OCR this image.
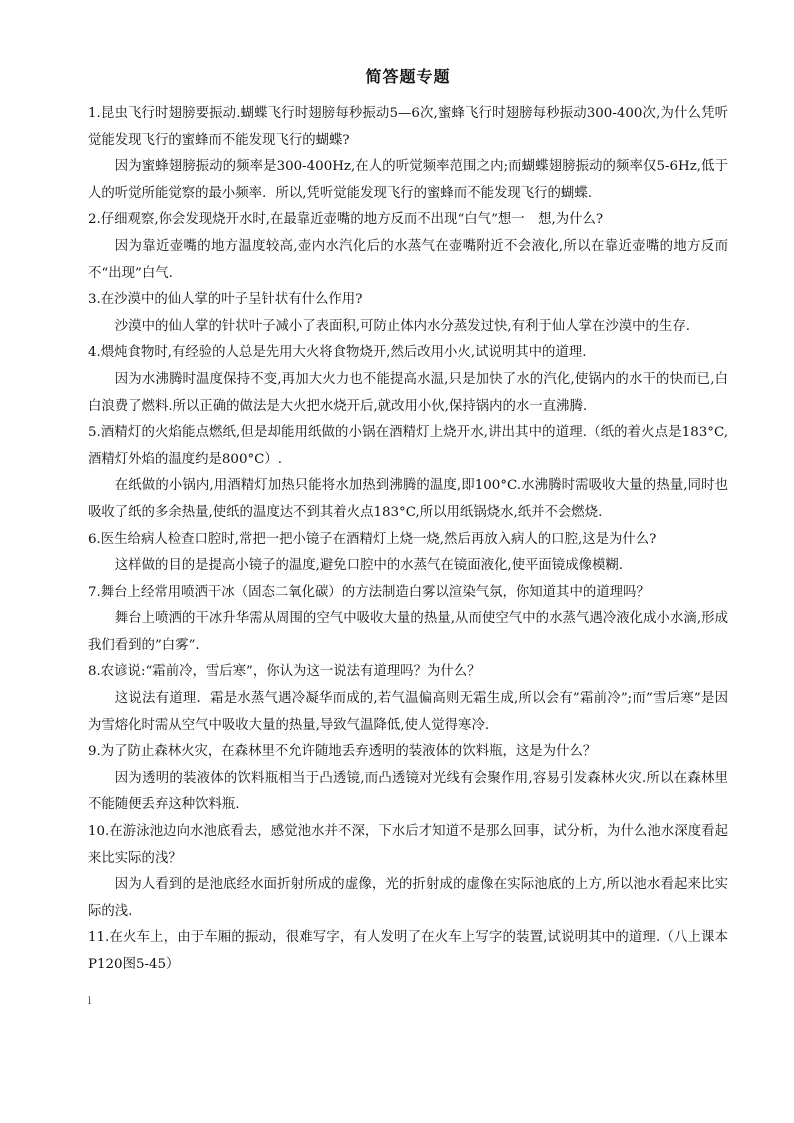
简答题专题

1.昆虫飞行时翅膀要振动.蝴蝶飞行时翅膀每秒振动5—6次,蜜蜂飞行时翅膀每秒振动300-400次,为什么凭听觉能发现飞行的蜜蜂而不能发现飞行的蝴蝶?

因为蜜蜂翅膀振动的频率是300-400Hz,在人的听觉频率范围之内;而蝴蝶翅膀振动的频率仅5-6Hz,低于人的听觉所能觉察的最小频率．所以,凭听觉能发现飞行的蜜蜂而不能发现飞行的蝴蝶.

2.仔细观察,你会发现烧开水时,在最靠近壶嘴的地方反而不出现“白气”想一　想,为什么?

因为靠近壶嘴的地方温度较高,壶内水汽化后的水蒸气在壶嘴附近不会液化,所以在靠近壶嘴的地方反而不“出现”白气.

3.在沙漠中的仙人掌的叶子呈针状有什么作用?

沙漠中的仙人掌的针状叶子减小了表面积,可防止体内水分蒸发过快,有利于仙人掌在沙漠中的生存.

4.煨炖食物时,有经验的人总是先用大火将食物烧开,然后改用小火,试说明其中的道理.

因为水沸腾时温度保持不变,再加大火力也不能提高水温,只是加快了水的汽化,使锅内的水干的快而已,白白浪费了燃料.所以正确的做法是大火把水烧开后,就改用小伙,保持锅内的水一直沸腾.

5.酒精灯的火焰能点燃纸,但是却能用纸做的小锅在酒精灯上烧开水,讲出其中的道理.（纸的着火点是183°C,酒精灯外焰的温度约是800°C）.

在纸做的小锅内,用酒精灯加热只能将水加热到沸腾的温度,即100°C.水沸腾时需吸收大量的热量,同时也吸收了纸的多余热量,使纸的温度达不到其着火点183°C,所以用纸锅烧水,纸并不会燃烧.

6.医生给病人检查口腔时,常把一把小镜子在酒精灯上烧一烧,然后再放入病人的口腔,这是为什么?

这样做的目的是提高小镜子的温度,避免口腔中的水蒸气在镜面液化,使平面镜成像模糊.

7.舞台上经常用喷洒干冰（固态二氧化碳）的方法制造白雾以渲染气氛，你知道其中的道理吗？

舞台上喷洒的干冰升华需从周围的空气中吸收大量的热量,从而使空气中的水蒸气遇冷液化成小水滴,形成我们看到的”白雾”.

8.农谚说:“霜前冷，雪后寒”，你认为这一说法有道理吗？为什么？

这说法有道理．霜是水蒸气遇冷凝华而成的,若气温偏高则无霜生成,所以会有”霜前冷”;而”雪后寒”是因为雪熔化时需从空气中吸收大量的热量,导致气温降低,使人觉得寒冷.

9.为了防止森林火灾，在森林里不允许随地丢弃透明的装液体的饮料瓶，这是为什么？

因为透明的装液体的饮料瓶相当于凸透镜,而凸透镜对光线有会聚作用,容易引发森林火灾.所以在森林里不能随便丢弃这种饮料瓶.

10.在游泳池边向水池底看去，感觉池水并不深，下水后才知道不是那么回事，试分析，为什么池水深度看起来比实际的浅？

因为人看到的是池底经水面折射所成的虚像，光的折射成的虚像在实际池底的上方,所以池水看起来比实际的浅.

11.在火车上，由于车厢的振动，很难写字，有人发明了在火车上写字的装置,试说明其中的道理.（八上课本P120图5-45）

l
